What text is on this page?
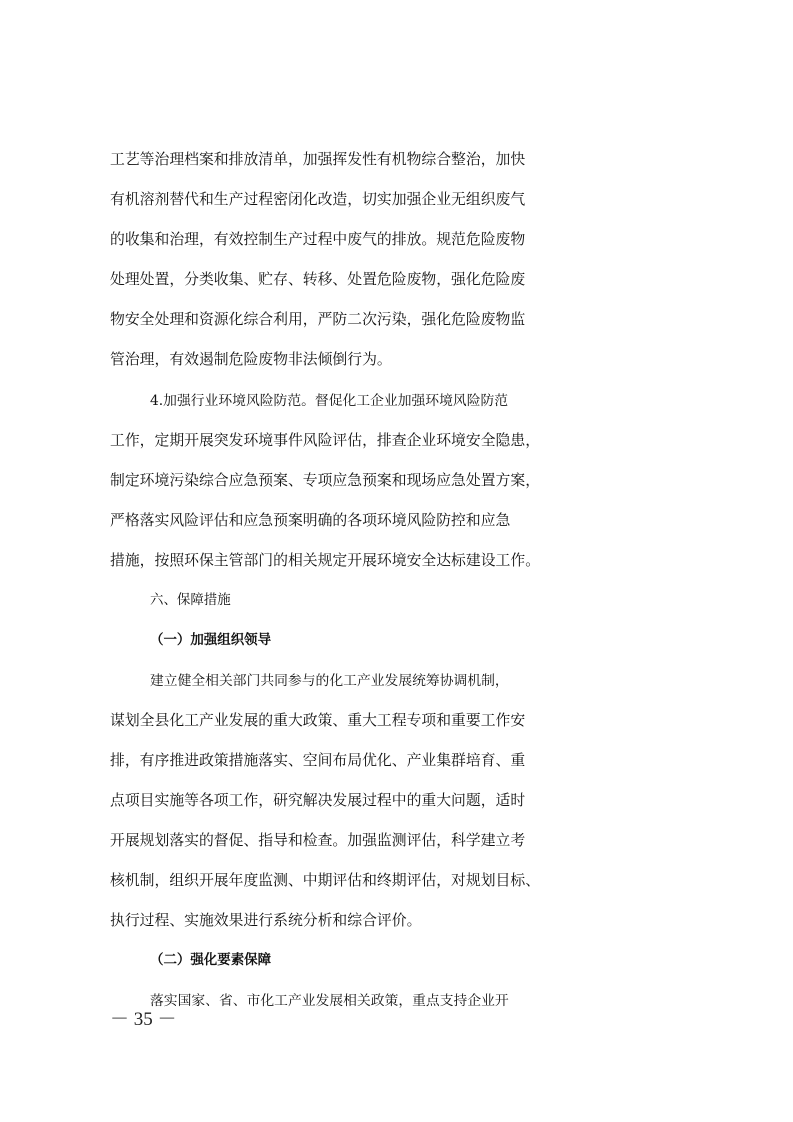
工艺等治理档案和排放清单，加强挥发性有机物综合整治，加快
有机溶剂替代和生产过程密闭化改造，切实加强企业无组织废气
的收集和治理，有效控制生产过程中废气的排放。规范危险废物
处理处置，分类收集、贮存、转移、处置危险废物，强化危险废
物安全处理和资源化综合利用，严防二次污染，强化危险废物监
管治理，有效遏制危险废物非法倾倒行为。
4.加强行业环境风险防范。督促化工企业加强环境风险防范
工作，定期开展突发环境事件风险评估，排查企业环境安全隐患，
制定环境污染综合应急预案、专项应急预案和现场应急处置方案，
严格落实风险评估和应急预案明确的各项环境风险防控和应急
措施，按照环保主管部门的相关规定开展环境安全达标建设工作。
六、保障措施
（一）加强组织领导
建立健全相关部门共同参与的化工产业发展统筹协调机制，
谋划全县化工产业发展的重大政策、重大工程专项和重要工作安
排，有序推进政策措施落实、空间布局优化、产业集群培育、重
点项目实施等各项工作，研究解决发展过程中的重大问题，适时
开展规划落实的督促、指导和检查。加强监测评估，科学建立考
核机制，组织开展年度监测、中期评估和终期评估，对规划目标、
执行过程、实施效果进行系统分析和综合评价。
（二）强化要素保障
落实国家、省、市化工产业发展相关政策，重点支持企业开
－ 35 －
